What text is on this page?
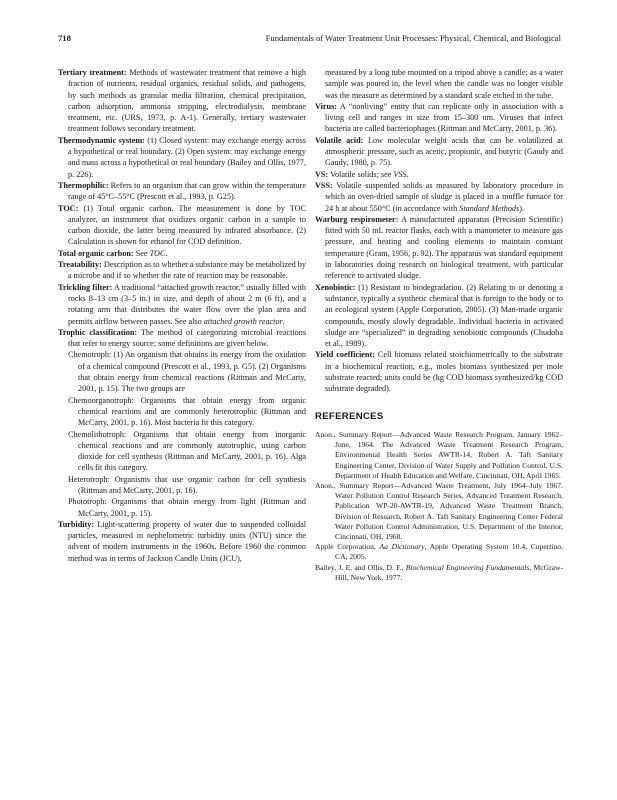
718	Fundamentals of Water Treatment Unit Processes: Physical, Chemical, and Biological

Tertiary treatment: Methods of wastewater treatment that remove a high fraction of nutrients, residual organics, residual solids, and pathogens, by such methods as granular media filtration, chemical precipitation, carbon adsorption, ammonia stripping, electrodialysis, membrane treatment, etc. (URS, 1973, p. A-1). Generally, tertiary wastewater treatment follows secondary treatment.

Thermodynamic system: (1) Closed system: may exchange energy across a hypothetical or real boundary. (2) Open system: may exchange energy and mass across a hypothetical or real boundary (Bailey and Ollis, 1977, p. 226).

Thermophilic: Refers to an organism that can grow within the temperature range of 45°C–55°C (Prescott et al., 1993, p. G25).

TOC: (1) Total organic carbon. The measurement is done by TOC analyzer, an instrument that oxidizes organic carbon in a sample to carbon dioxide, the latter being measured by infrared absorbance. (2) Calculation is shown for ethanol for COD definition.

Total organic carbon: See TOC.

Treatability: Description as to whether a substance may be metabolized by a microbe and if so whether the rate of reaction may be reasonable.

Trickling filter: A traditional “attached growth reactor,” usually filled with rocks 8–13 cm (3–5 in.) in size, and depth of about 2 m (6 ft), and a rotating arm that distributes the water flow over the plan area and permits airflow between passes. See also attached growth reactor.

Trophic classification: The method of categorizing microbial reactions that refer to energy source; some definitions are given below.

Chemotroph: (1) An organism that obtains its energy from the oxidation of a chemical compound (Prescott et al., 1993, p. G5). (2) Organisms that obtain energy from chemical reactions (Rittman and McCarty, 2001, p. 15). The two groups are

Chemoorganotroph: Organisms that obtain energy from organic chemical reactions and are commonly heterotrophic (Rittman and McCarty, 2001, p. 16). Most bacteria fit this category.

Chemolithotroph: Organisms that obtain energy from inorganic chemical reactions and are commonly autotrophic, using carbon dioxide for cell synthesis (Rittman and McCarty, 2001, p. 16). Alga cells fit this category.

Heterotroph: Organisms that use organic carbon for cell synthesis (Rittman and McCarty, 2001, p. 16).

Phototroph: Organisms that obtain energy from light (Rittman and McCarty, 2001, p. 15).

Turbidity: Light-scattering property of water due to suspended colloidal particles, measured in nephelometric turbidity units (NTU) since the advent of modern instruments in the 1960s. Before 1960 the common method was in terms of Jackson Candle Units (JCU),

measured by a long tube mounted on a tripod above a candle; as a water sample was poured in, the level when the candle was no longer visible was the measure as determined by a standard scale etched in the tube.

Virus: A “nonliving” entity that can replicate only in association with a living cell and ranges in size from 15–300 nm. Viruses that infect bacteria are called bacteriophages (Rittman and McCarty, 2001, p. 36).

Volatile acid: Low molecular weight acids that can be volatilized at atmospheric pressure, such as acetic, propionic, and butyric (Gaudy and Gaudy, 1980, p. 75).

VS: Volatile solids; see VSS.

VSS: Volatile suspended solids as measured by laboratory procedure in which an oven-dried sample of sludge is placed in a muffle furnace for 24 h at about 550°C (in accordance with Standard Methods).

Warburg respirometer: A manufactured apparatus (Precision Scientific) fitted with 50 mL reactor flasks, each with a manometer to measure gas pressure, and heating and cooling elements to maintain constant temperature (Gram, 1956, p. 92). The apparatus was standard equipment in laboratories doing research on biological treatment, with particular reference to activated sludge.

Xenobiotic: (1) Resistant to biodegradation. (2) Relating to or denoting a substance, typically a synthetic chemical that is foreign to the body or to an ecological system (Apple Corporation, 2005). (3) Man-made organic compounds, mostly slowly degradable. Individual bacteria in activated sludge are “specialized” in degrading xenobiotic compounds (Chudoba et al., 1989).

Yield coefficient: Cell biomass related stoichiometrically to the substrate in a biochemical reaction, e.g., moles biomass synthesized per mole substrate reacted; units could be (kg COD biomass synthesized/kg COD substrate degraded).

REFERENCES

Anon., Summary Report—Advanced Waste Research Program, January 1962–June, 1964. The Advanced Waste Treatment Research Program, Environmental Health Series AWTR-14, Robert A. Taft Sanitary Engineering Center, Division of Water Supply and Pollution Control, U.S. Department of Health Education and Welfare, Cincinnati, OH, April 1965.

Anon., Summary Report—Advanced Waste Treatment, July 1964–July 1967. Water Pollution Control Research Series, Advanced Treatment Research, Publication WP-20-AWTR-19, Advanced Waste Treatment Branch, Division of Research, Robert A. Taft Sanitary Engineering Center Federal Water Pollution Control Administration, U.S. Department of the Interior, Cincinnati, OH, 1968.

Apple Corporation, Aa Dictionary, Apple Operating System 10.4, Cupertino, CA, 2005.

Bailey, J. E. and Ollis, D. F., Biochemical Engineering Fundamentals, McGraw-Hill, New York, 1977.
